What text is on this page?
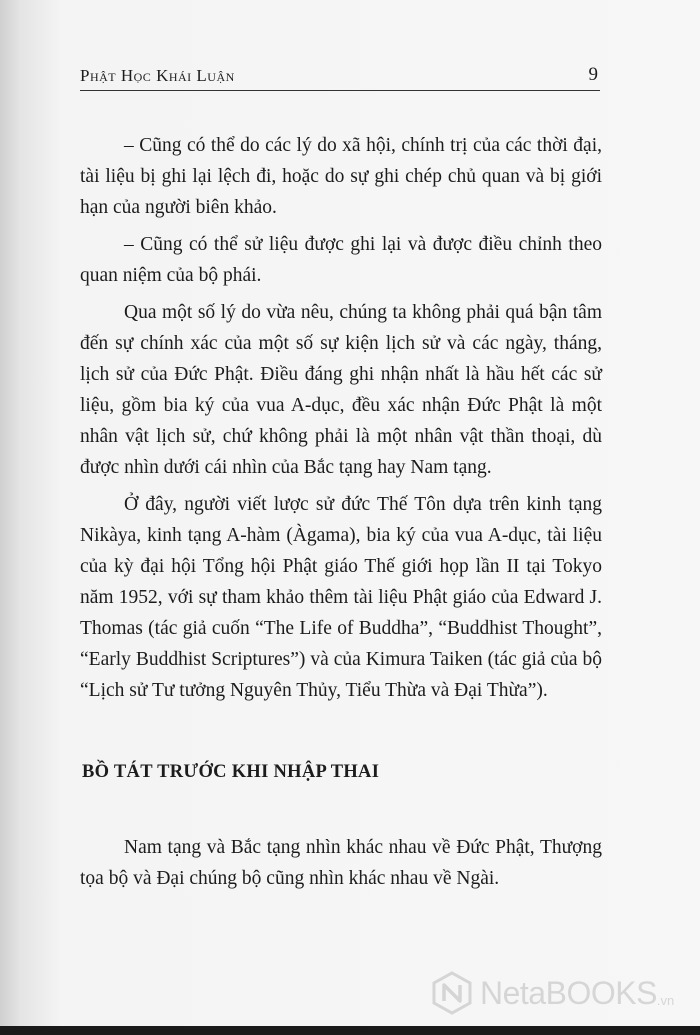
Phật Học Khái Luận	9

– Cũng có thể do các lý do xã hội, chính trị của các thời đại, tài liệu bị ghi lại lệch đi, hoặc do sự ghi chép chủ quan và bị giới hạn của người biên khảo.

– Cũng có thể sử liệu được ghi lại và được điều chỉnh theo quan niệm của bộ phái.

Qua một số lý do vừa nêu, chúng ta không phải quá bận tâm đến sự chính xác của một số sự kiện lịch sử và các ngày, tháng, lịch sử của Đức Phật. Điều đáng ghi nhận nhất là hầu hết các sử liệu, gồm bia ký của vua A-dục, đều xác nhận Đức Phật là một nhân vật lịch sử, chứ không phải là một nhân vật thần thoại, dù được nhìn dưới cái nhìn của Bắc tạng hay Nam tạng.

Ở đây, người viết lược sử đức Thế Tôn dựa trên kinh tạng Nikàya, kinh tạng A-hàm (Àgama), bia ký của vua A-dục, tài liệu của kỳ đại hội Tổng hội Phật giáo Thế giới họp lần II tại Tokyo năm 1952, với sự tham khảo thêm tài liệu Phật giáo của Edward J. Thomas (tác giả cuốn “The Life of Buddha”, “Buddhist Thought”, “Early Buddhist Scriptures”) và của Kimura Taiken (tác giả của bộ “Lịch sử Tư tưởng Nguyên Thủy, Tiểu Thừa và Đại Thừa”).

BỒ TÁT TRƯỚC KHI NHẬP THAI

Nam tạng và Bắc tạng nhìn khác nhau về Đức Phật, Thượng tọa bộ và Đại chúng bộ cũng nhìn khác nhau về Ngài.

NetaBOOKS .vn
